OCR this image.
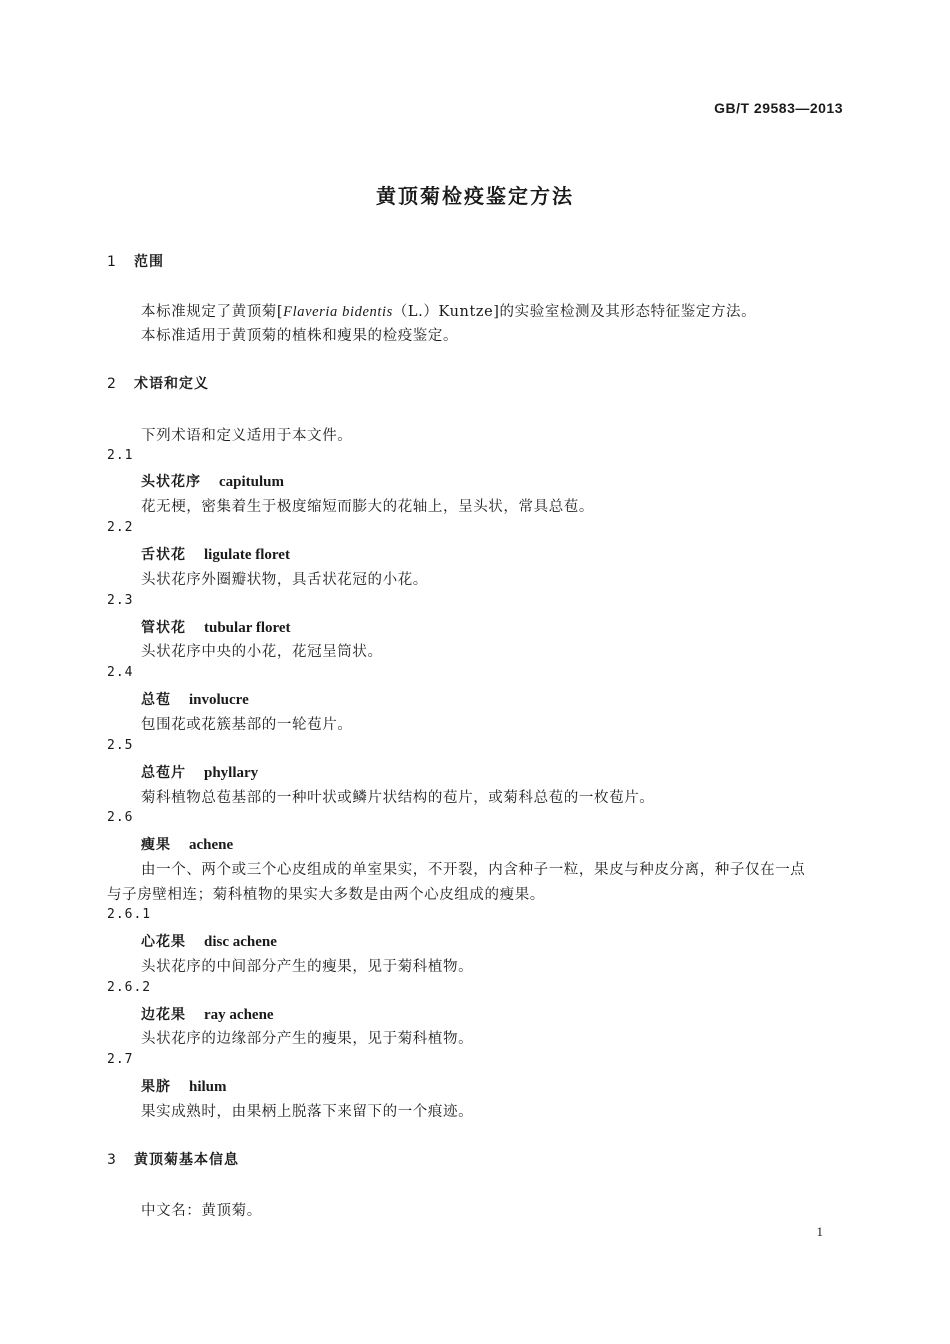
GB/T 29583—2013
黄顶菊检疫鉴定方法
1 范围
本标准规定了黄顶菊[Flaveria bidentis（L.）Kuntze]的实验室检测及其形态特征鉴定方法。
本标准适用于黄顶菊的植株和瘦果的检疫鉴定。
2 术语和定义
下列术语和定义适用于本文件。
2.1
头状花序 capitulum
花无梗，密集着生于极度缩短而膨大的花轴上，呈头状，常具总苞。
2.2
舌状花 ligulate floret
头状花序外圈瓣状物，具舌状花冠的小花。
2.3
管状花 tubular floret
头状花序中央的小花，花冠呈筒状。
2.4
总苞 involucre
包围花或花簇基部的一轮苞片。
2.5
总苞片 phyllary
菊科植物总苞基部的一种叶状或鳞片状结构的苞片，或菊科总苞的一枚苞片。
2.6
瘦果 achene
由一个、两个或三个心皮组成的单室果实，不开裂，内含种子一粒，果皮与种皮分离，种子仅在一点
与子房壁相连；菊科植物的果实大多数是由两个心皮组成的瘦果。
2.6.1
心花果 disc achene
头状花序的中间部分产生的瘦果，见于菊科植物。
2.6.2
边花果 ray achene
头状花序的边缘部分产生的瘦果，见于菊科植物。
2.7
果脐 hilum
果实成熟时，由果柄上脱落下来留下的一个痕迹。
3 黄顶菊基本信息
中文名：黄顶菊。
1
